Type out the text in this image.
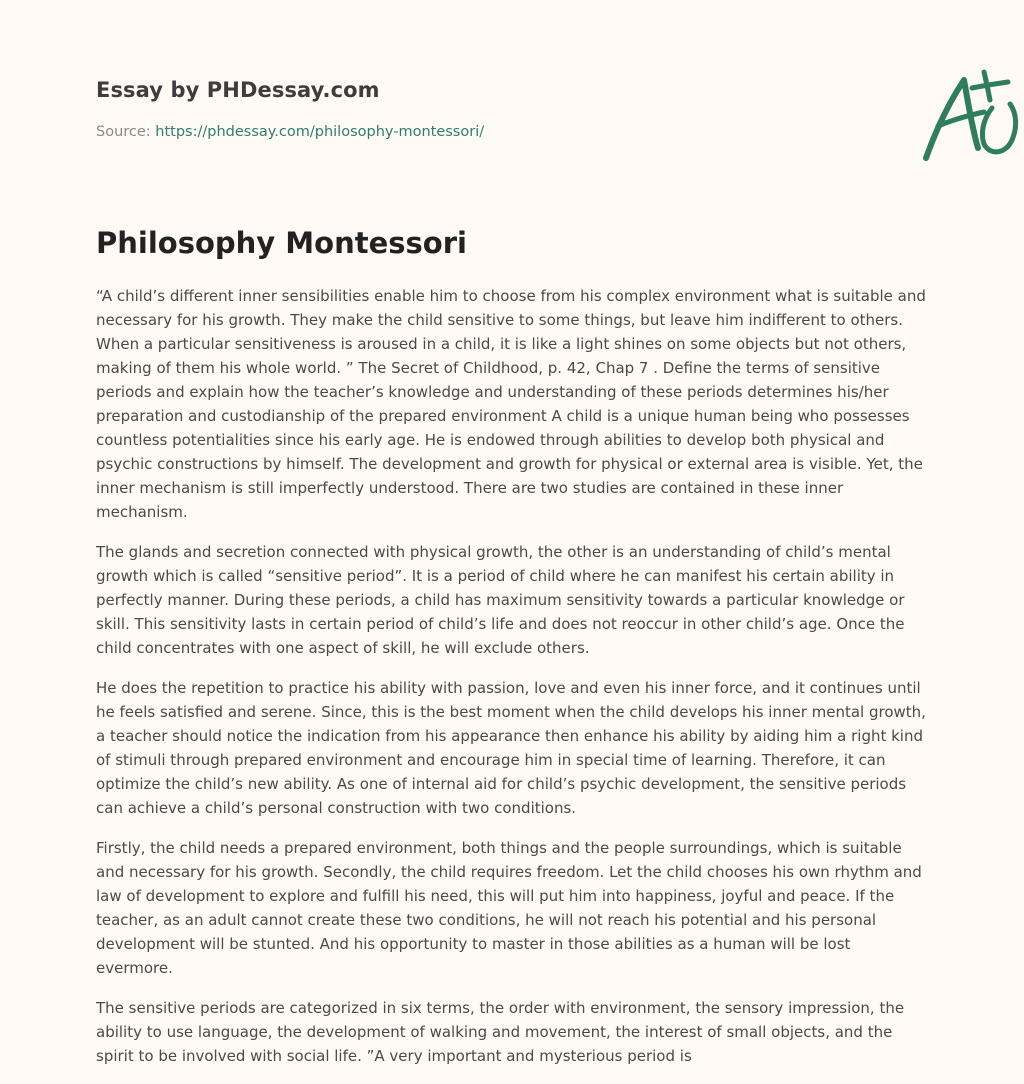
Essay by PHDessay.com
Source: https://phdessay.com/philosophy-montessori/
Philosophy Montessori

“A child’s different inner sensibilities enable him to choose from his complex environment what is suitable and necessary for his growth. They make the child sensitive to some things, but leave him indifferent to others. When a particular sensitiveness is aroused in a child, it is like a light shines on some objects but not others, making of them his whole world. ” The Secret of Childhood, p. 42, Chap 7 . Define the terms of sensitive periods and explain how the teacher’s knowledge and understanding of these periods determines his/her preparation and custodianship of the prepared environment A child is a unique human being who possesses countless potentialities since his early age. He is endowed through abilities to develop both physical and psychic constructions by himself. The development and growth for physical or external area is visible. Yet, the inner mechanism is still imperfectly understood. There are two studies are contained in these inner mechanism.

The glands and secretion connected with physical growth, the other is an understanding of child’s mental growth which is called “sensitive period”. It is a period of child where he can manifest his certain ability in perfectly manner. During these periods, a child has maximum sensitivity towards a particular knowledge or skill. This sensitivity lasts in certain period of child’s life and does not reoccur in other child’s age. Once the child concentrates with one aspect of skill, he will exclude others.

He does the repetition to practice his ability with passion, love and even his inner force, and it continues until he feels satisfied and serene. Since, this is the best moment when the child develops his inner mental growth, a teacher should notice the indication from his appearance then enhance his ability by aiding him a right kind of stimuli through prepared environment and encourage him in special time of learning. Therefore, it can optimize the child’s new ability. As one of internal aid for child’s psychic development, the sensitive periods can achieve a child’s personal construction with two conditions.

Firstly, the child needs a prepared environment, both things and the people surroundings, which is suitable and necessary for his growth. Secondly, the child requires freedom. Let the child chooses his own rhythm and law of development to explore and fulfill his need, this will put him into happiness, joyful and peace. If the teacher, as an adult cannot create these two conditions, he will not reach his potential and his personal development will be stunted. And his opportunity to master in those abilities as a human will be lost evermore.

The sensitive periods are categorized in six terms, the order with environment, the sensory impression, the ability to use language, the development of walking and movement, the interest of small objects, and the spirit to be involved with social life. ”A very important and mysterious period is
